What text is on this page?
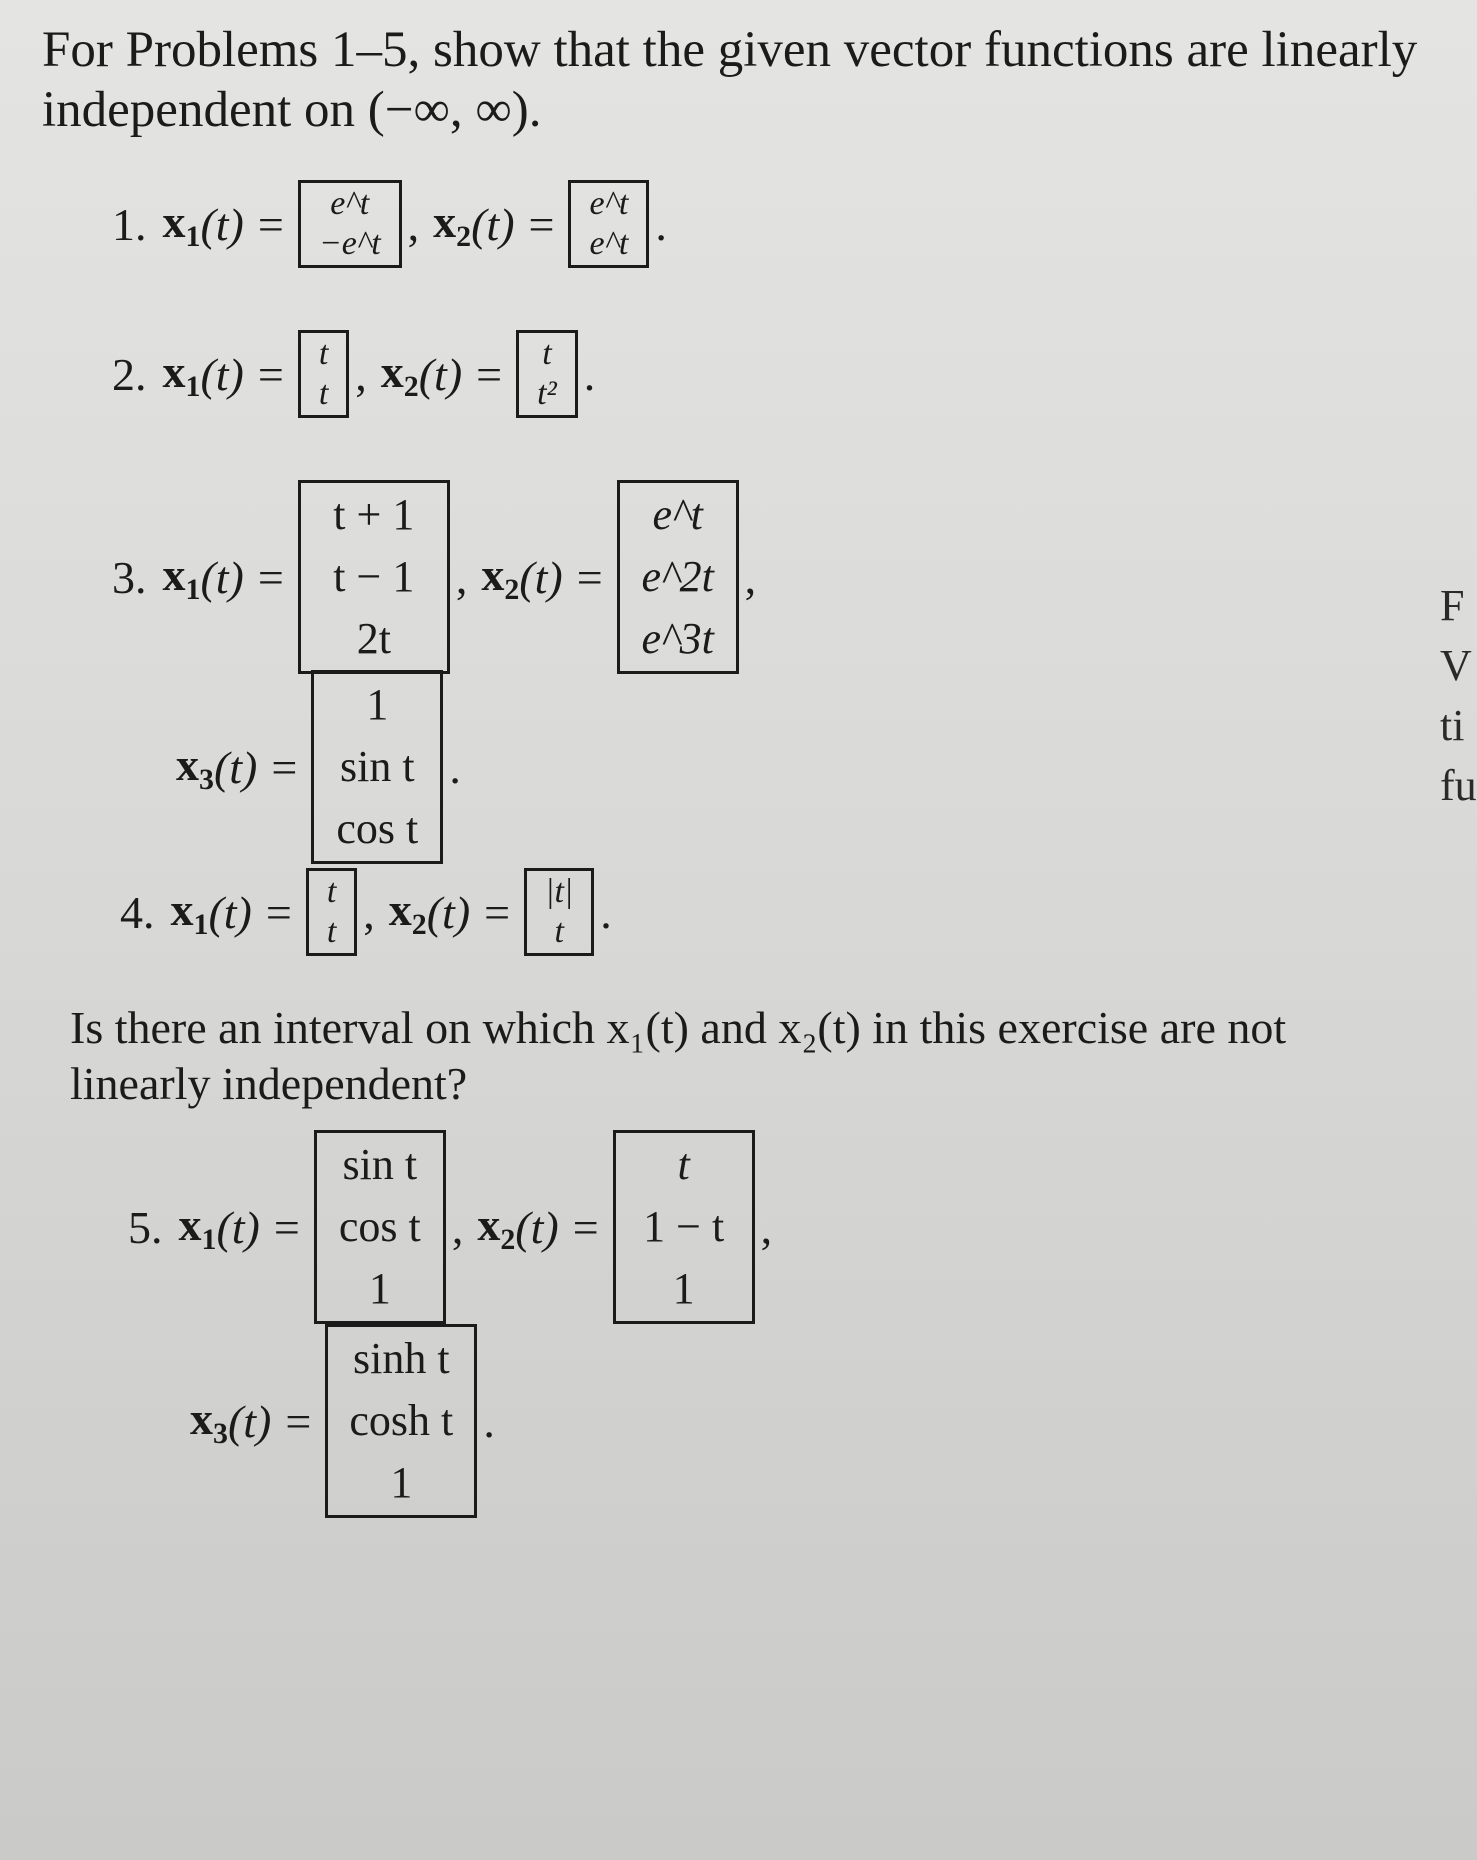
For Problems 1–5, show that the given vector functions are linearly independent on (−∞, ∞).

1. $x_1$ (t) = e^t
−e^t , $x_2$ (t) = e^t
e^t .
2. $x_1$ (t) = t
t , $x_2$ (t) = t
t² .
3. $x_1$ (t) =
t + 1
t − 1
2t
, $x_2$ (t) =
e^t
e^2t
e^3t
,
$x_3$ (t) =
1
sin t
cos t
.
4. $x_1$ (t) = t
t , $x_2$ (t) = |t|
t .

Is there an interval on which x₁(t) and x₂(t) in this exercise are not linearly independent?

5. $x_1$ (t) =
sin t
cos t
1
, $x_2$ (t) =
t
1 − t
1
,
$x_3$ (t) =
sinh t
cosh t
1
.
F
V
ti
fu
